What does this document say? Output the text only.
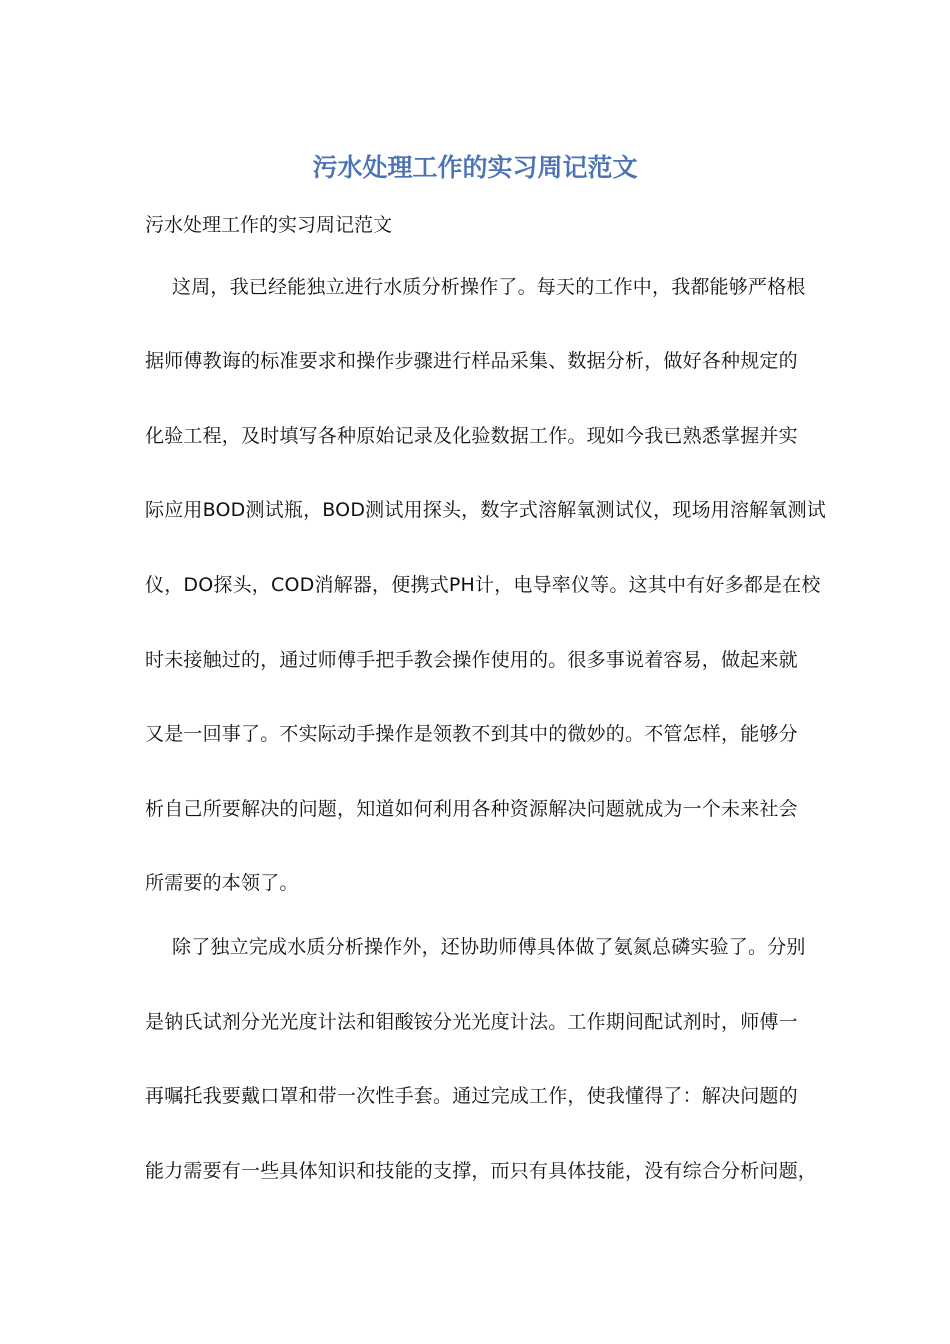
污水处理工作的实习周记范文
污水处理工作的实习周记范文
这周，我已经能独立进行水质分析操作了。每天的工作中，我都能够严格根
据师傅教诲的标准要求和操作步骤进行样品采集、数据分析，做好各种规定的
化验工程，及时填写各种原始记录及化验数据工作。现如今我已熟悉掌握并实
际应用BOD测试瓶，BOD测试用探头，数字式溶解氧测试仪，现场用溶解氧测试
仪，DO探头，COD消解器，便携式PH计，电导率仪等。这其中有好多都是在校
时未接触过的，通过师傅手把手教会操作使用的。很多事说着容易，做起来就
又是一回事了。不实际动手操作是领教不到其中的微妙的。不管怎样，能够分
析自己所要解决的问题，知道如何利用各种资源解决问题就成为一个未来社会
所需要的本领了。
除了独立完成水质分析操作外，还协助师傅具体做了氨氮总磷实验了。分别
是钠氏试剂分光光度计法和钼酸铵分光光度计法。工作期间配试剂时，师傅一
再嘱托我要戴口罩和带一次性手套。通过完成工作，使我懂得了：解决问题的
能力需要有一些具体知识和技能的支撑，而只有具体技能，没有综合分析问题，
